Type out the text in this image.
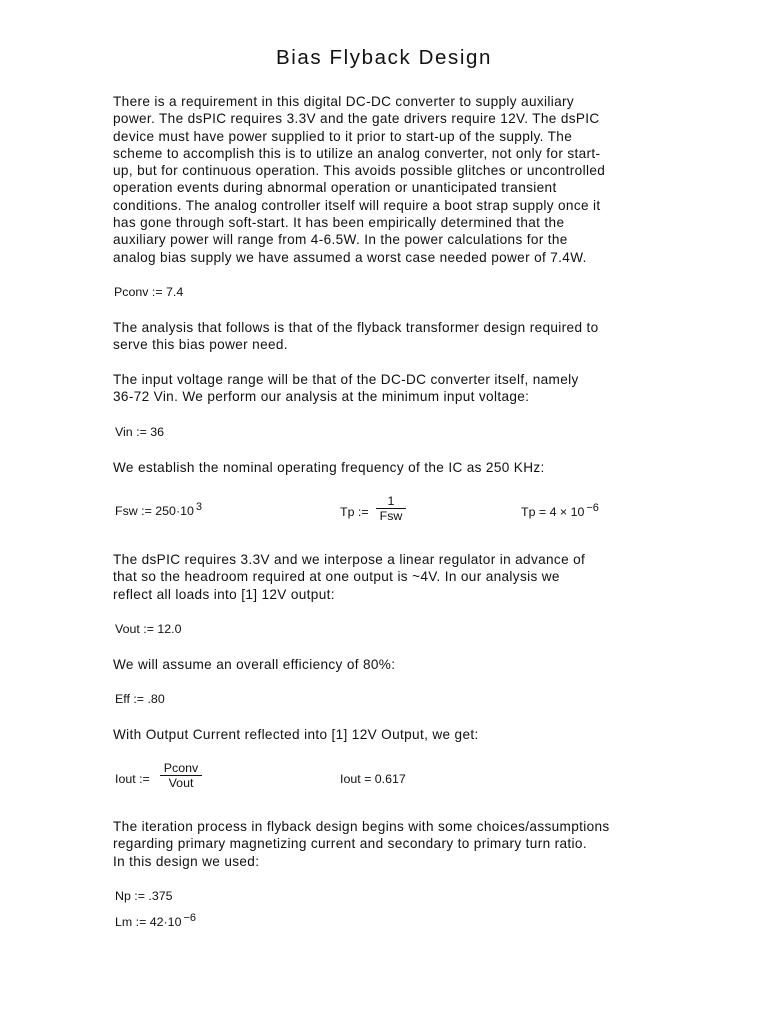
Bias Flyback Design

There is a requirement in this digital DC-DC converter to supply auxiliary
power. The dsPIC requires 3.3V and the gate drivers require 12V. The dsPIC
device must have power supplied to it prior to start-up of the supply. The
scheme to accomplish this is to utilize an analog converter, not only for start-
up, but for continuous operation. This avoids possible glitches or uncontrolled
operation events during abnormal operation or unanticipated transient
conditions. The analog controller itself will require a boot strap supply once it
has gone through soft-start. It has been empirically determined that the
auxiliary power will range from 4-6.5W. In the power calculations for the
analog bias supply we have assumed a worst case needed power of 7.4W.

Pconv := 7.4

The analysis that follows is that of the flyback transformer design required to
serve this bias power need.

The input voltage range will be that of the DC-DC converter itself, namely
36-72 Vin. We perform our analysis at the minimum input voltage:

Vin := 36

We establish the nominal operating frequency of the IC as 250 KHz:

Fsw := 250·10 $^3$	Tp :=
1
Fsw	Tp = 4 × 10 $^{-6}$

The dsPIC requires 3.3V and we interpose a linear regulator in advance of
that so the headroom required at one output is ~4V. In our analysis we
reflect all loads into [1] 12V output:

Vout := 12.0

We will assume an overall efficiency of 80%:

Eff := .80

With Output Current reflected into [1] 12V Output, we get:

Iout :=
Pconv
Vout	Iout = 0.617

The iteration process in flyback design begins with some choices/assumptions
regarding primary magnetizing current and secondary to primary turn ratio.
In this design we used:

Np := .375
Lm := 42·10 $^{-6}$
